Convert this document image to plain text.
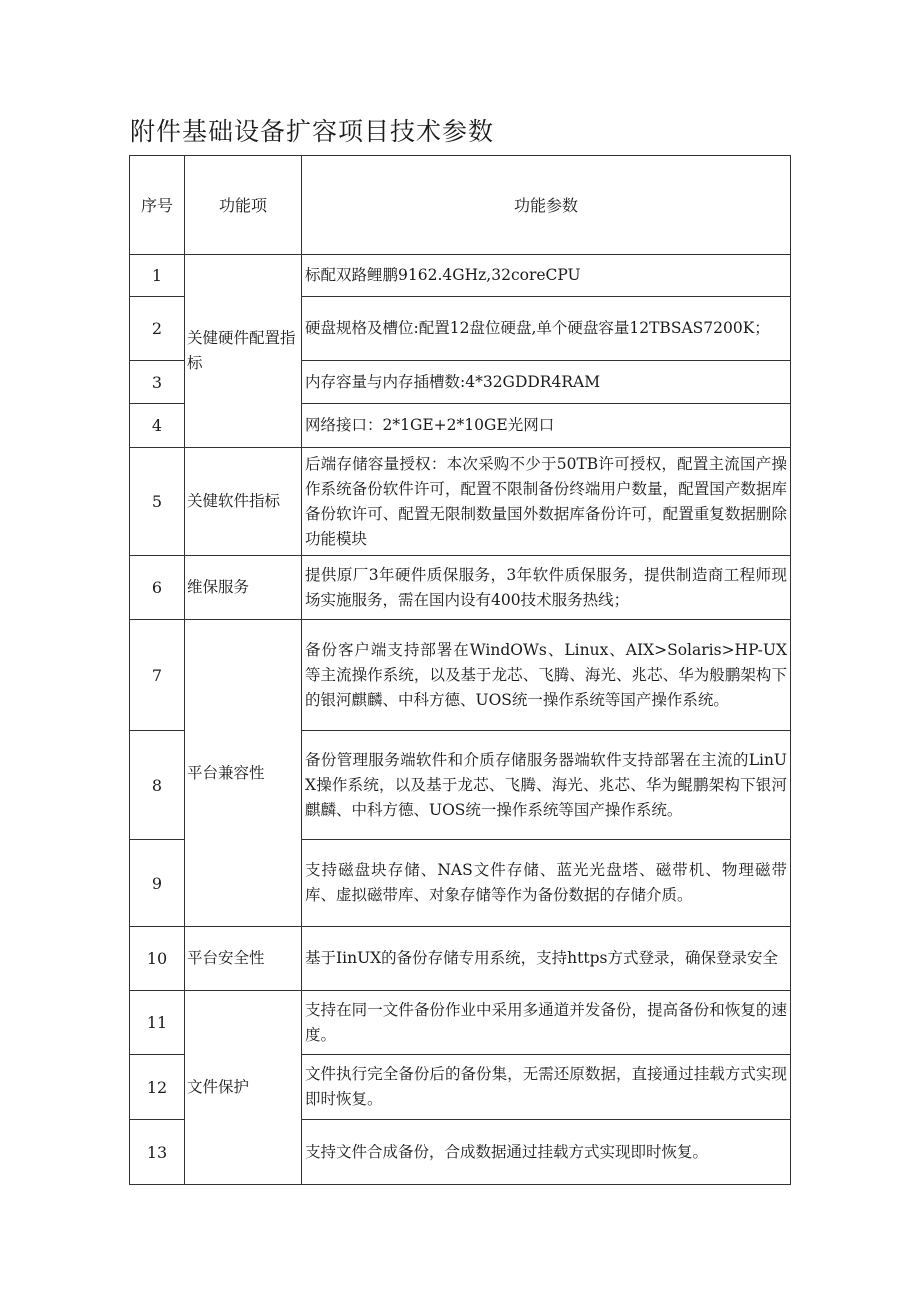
附件基础设备扩容项目技术参数
序号	功能项	功能参数
1	关健硬件配置指标	标配双路鲤鹏9162.4GHz,32coreCPU
2		硬盘规格及槽位:配置12盘位硬盘,单个硬盘容量12TBSAS7200K；
3		内存容量与内存插槽数:4*32GDDR4RAM
4		网络接口：2*1GE+2*10GE光网口
5	关健软件指标	后端存储容量授权：本次采购不少于50TB许可授权，配置主流国产操作系统备份软件许可，配置不限制备份终端用户数量，配置国产数据库备份软许可、配置无限制数量国外数据库备份许可，配置重复数据删除功能模块
6	维保服务	提供原厂3年硬件质保服务，3年软件质保服务，提供制造商工程师现场实施服务，需在国内设有400技术服务热线；
7	平台兼容性	备份客户端支持部署在WindOWs、Linux、AIX>Solaris>HP-UX等主流操作系统，以及基于龙芯、飞腾、海光、兆芯、华为般鹏架构下的银河麒麟、中科方德、UOS统一操作系统等国产操作系统。
8		备份管理服务端软件和介质存储服务器端软件支持部署在主流的LinUX操作系统，以及基于龙芯、飞腾、海光、兆芯、华为鲲鹏架构下银河麒麟、中科方德、UOS统一操作系统等国产操作系统。
9		支持磁盘块存储、NAS文件存储、蓝光光盘塔、磁带机、物理磁带库、虚拟磁带库、对象存储等作为备份数据的存储介质。
10	平台安全性	基于IinUX的备份存储专用系统，支持https方式登录，确保登录安全
11	文件保护	支持在同一文件备份作业中采用多通道并发备份，提高备份和恢复的速度。
12		文件执行完全备份后的备份集，无需还原数据，直接通过挂载方式实现即时恢复。
13		支持文件合成备份，合成数据通过挂载方式实现即时恢复。
